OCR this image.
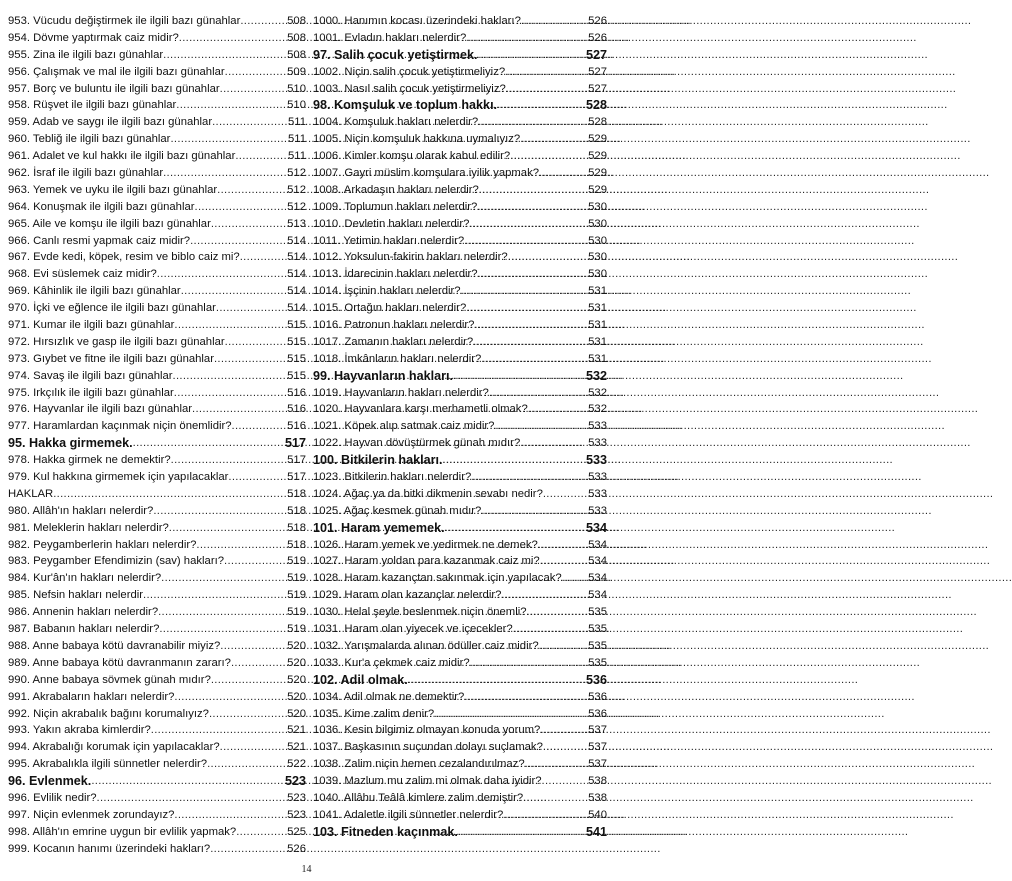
953. Vücudu değiştirmek ile ilgili bazı günahlar .....	508
954. Dövme yaptırmak caiz midir? .....	508
955. Zina ile ilgili bazı günahlar .....	508
956. Çalışmak ve mal ile ilgili bazı günahlar .....	509
957. Borç ve buluntu ile ilgili bazı günahlar .....	510
958. Rüşvet ile ilgili bazı günahlar .....	510
959. Adab ve saygı ile ilgili bazı günahlar .....	511
960. Tebliğ ile ilgili bazı günahlar .....	511
961. Adalet ve kul hakkı ile ilgili bazı günahlar .....	511
962. İsraf ile ilgili bazı günahlar .....	512
963. Yemek ve uyku ile ilgili bazı günahlar .....	512
964. Konuşmak ile ilgili bazı günahlar .....	512
965. Aile ve komşu ile ilgili bazı günahlar .....	513
966. Canlı resmi yapmak caiz midir? .....	514
967. Evde kedi, köpek, resim ve biblo caiz mi? .....	514
968. Evi süslemek caiz midir? .....	514
969. Kâhinlik ile ilgili bazı günahlar .....	514
970. İçki ve eğlence ile ilgili bazı günahlar .....	514
971. Kumar ile ilgili bazı günahlar .....	515
972. Hırsızlık ve gasp ile ilgili bazı günahlar .....	515
973. Gıybet ve fitne ile ilgili bazı günahlar .....	515
974. Savaş ile ilgili bazı günahlar .....	515
975. Irkçılık ile ilgili bazı günahlar .....	516
976. Hayvanlar ile ilgili bazı günahlar .....	516
977. Haramlardan kaçınmak niçin önemlidir? .....	516
95. Hakka girmemek. .....	517
978. Hakka girmek ne demektir? .....	517
979. Kul hakkına girmemek için yapılacaklar .....	517
HAKLAR .....	518
980. Allâh'ın hakları nelerdir? .....	518
981. Meleklerin hakları nelerdir? .....	518
982. Peygamberlerin hakları nelerdir? .....	518
983. Peygamber Efendimizin (sav) hakları? .....	519
984. Kur'ân'ın hakları nelerdir? .....	519
985. Nefsin hakları nelerdir .....	519
986. Annenin hakları nelerdir? .....	519
987. Babanın hakları nelerdir? .....	519
988. Anne babaya kötü davranabilir miyiz? .....	520
989. Anne babaya kötü davranmanın zararı? .....	520
990. Anne babaya sövmek günah mıdır? .....	520
991. Akrabaların hakları nelerdir? .....	520
992. Niçin akrabalık bağını korumalıyız? .....	520
993. Yakın akraba kimlerdir? .....	521
994. Akrabalığı korumak için yapılacaklar? .....	521
995. Akrabalıkla ilgili sünnetler nelerdir? .....	522
96. Evlenmek. .....	523
996. Evlilik nedir? .....	523
997. Niçin evlenmek zorundayız? .....	523
998. Allâh'ın emrine uygun bir evlilik yapmak? .....	525
999. Kocanın hanımı üzerindeki hakları? .....	526
1000. Hanımın kocası üzerindeki hakları? .....	526
1001. Evladın hakları nelerdir? .....	526
97. Salih çocuk yetiştirmek. .....	527
1002. Niçin salih çocuk yetiştirmeliyiz? .....	527
1003. Nasıl salih çocuk yetiştirmeliyiz? .....	527
98. Komşuluk ve toplum hakkı. .....	528
1004. Komşuluk hakları nelerdir? .....	528
1005. Niçin komşuluk hakkına uymalıyız? .....	529
1006. Kimler komşu olarak kabul edilir? .....	529
1007. Gayri müslim komşulara iyilik yapmak? .....	529
1008. Arkadaşın hakları nelerdir? .....	529
1009. Toplumun hakları nelerdir? .....	530
1010. Devletin hakları nelerdir? .....	530
1011. Yetimin hakları nelerdir? .....	530
1012. Yoksulun-fakirin hakları nelerdir? .....	530
1013. İdarecinin hakları nelerdir? .....	530
1014. İşçinin hakları nelerdir? .....	531
1015. Ortağın hakları nelerdir? .....	531
1016. Patronun hakları nelerdir? .....	531
1017. Zamanın hakları nelerdir? .....	531
1018. İmkânların hakları nelerdir? .....	531
99. Hayvanların hakları. .....	532
1019. Hayvanların hakları nelerdir? .....	532
1020. Hayvanlara karşı merhametli olmak? .....	532
1021. Köpek alıp satmak caiz midir? .....	533
1022. Hayvan dövüştürmek günah mıdır? .....	533
100. Bitkilerin hakları. .....	533
1023. Bitkilerin hakları nelerdir? .....	533
1024. Ağaç ya da bitki dikmenin sevabı nedir? .....	533
1025. Ağaç kesmek günah mıdır? .....	533
101. Haram yememek. .....	534
1026. Haram yemek ve yedirmek ne demek? .....	534
1027. Haram yoldan para kazanmak caiz mi? .....	534
1028. Haram kazançtan sakınmak için yapılacak? ..... 534
1029. Haram olan kazançlar nelerdir? .....	534
1030. Helal şeyle beslenmek niçin önemli? .....	535
1031. Haram olan yiyecek ve içecekler? .....	535
1032. Yarışmalarda alınan ödüller caiz midir? .....	535
1033. Kur'a çekmek caiz midir? .....	535
102. Adil olmak. .....	536
1034. Adil olmak ne demektir? .....	536
1035. Kime zalim denir? .....	536
1036. Kesin bilgimiz olmayan konuda yorum? .....	537
1037. Başkasının suçundan dolayı suçlamak? .....	537
1038. Zalim niçin hemen cezalandırılmaz? .....	537
1039. Mazlum mu zalim mi olmak daha iyidir? .....	538
1040. Allâhu Teâlâ kimlere zalim demiştir? .....	538
1041. Adaletle ilgili sünnetler nelerdir? .....	540
103. Fitneden kaçınmak. .....	541
14
